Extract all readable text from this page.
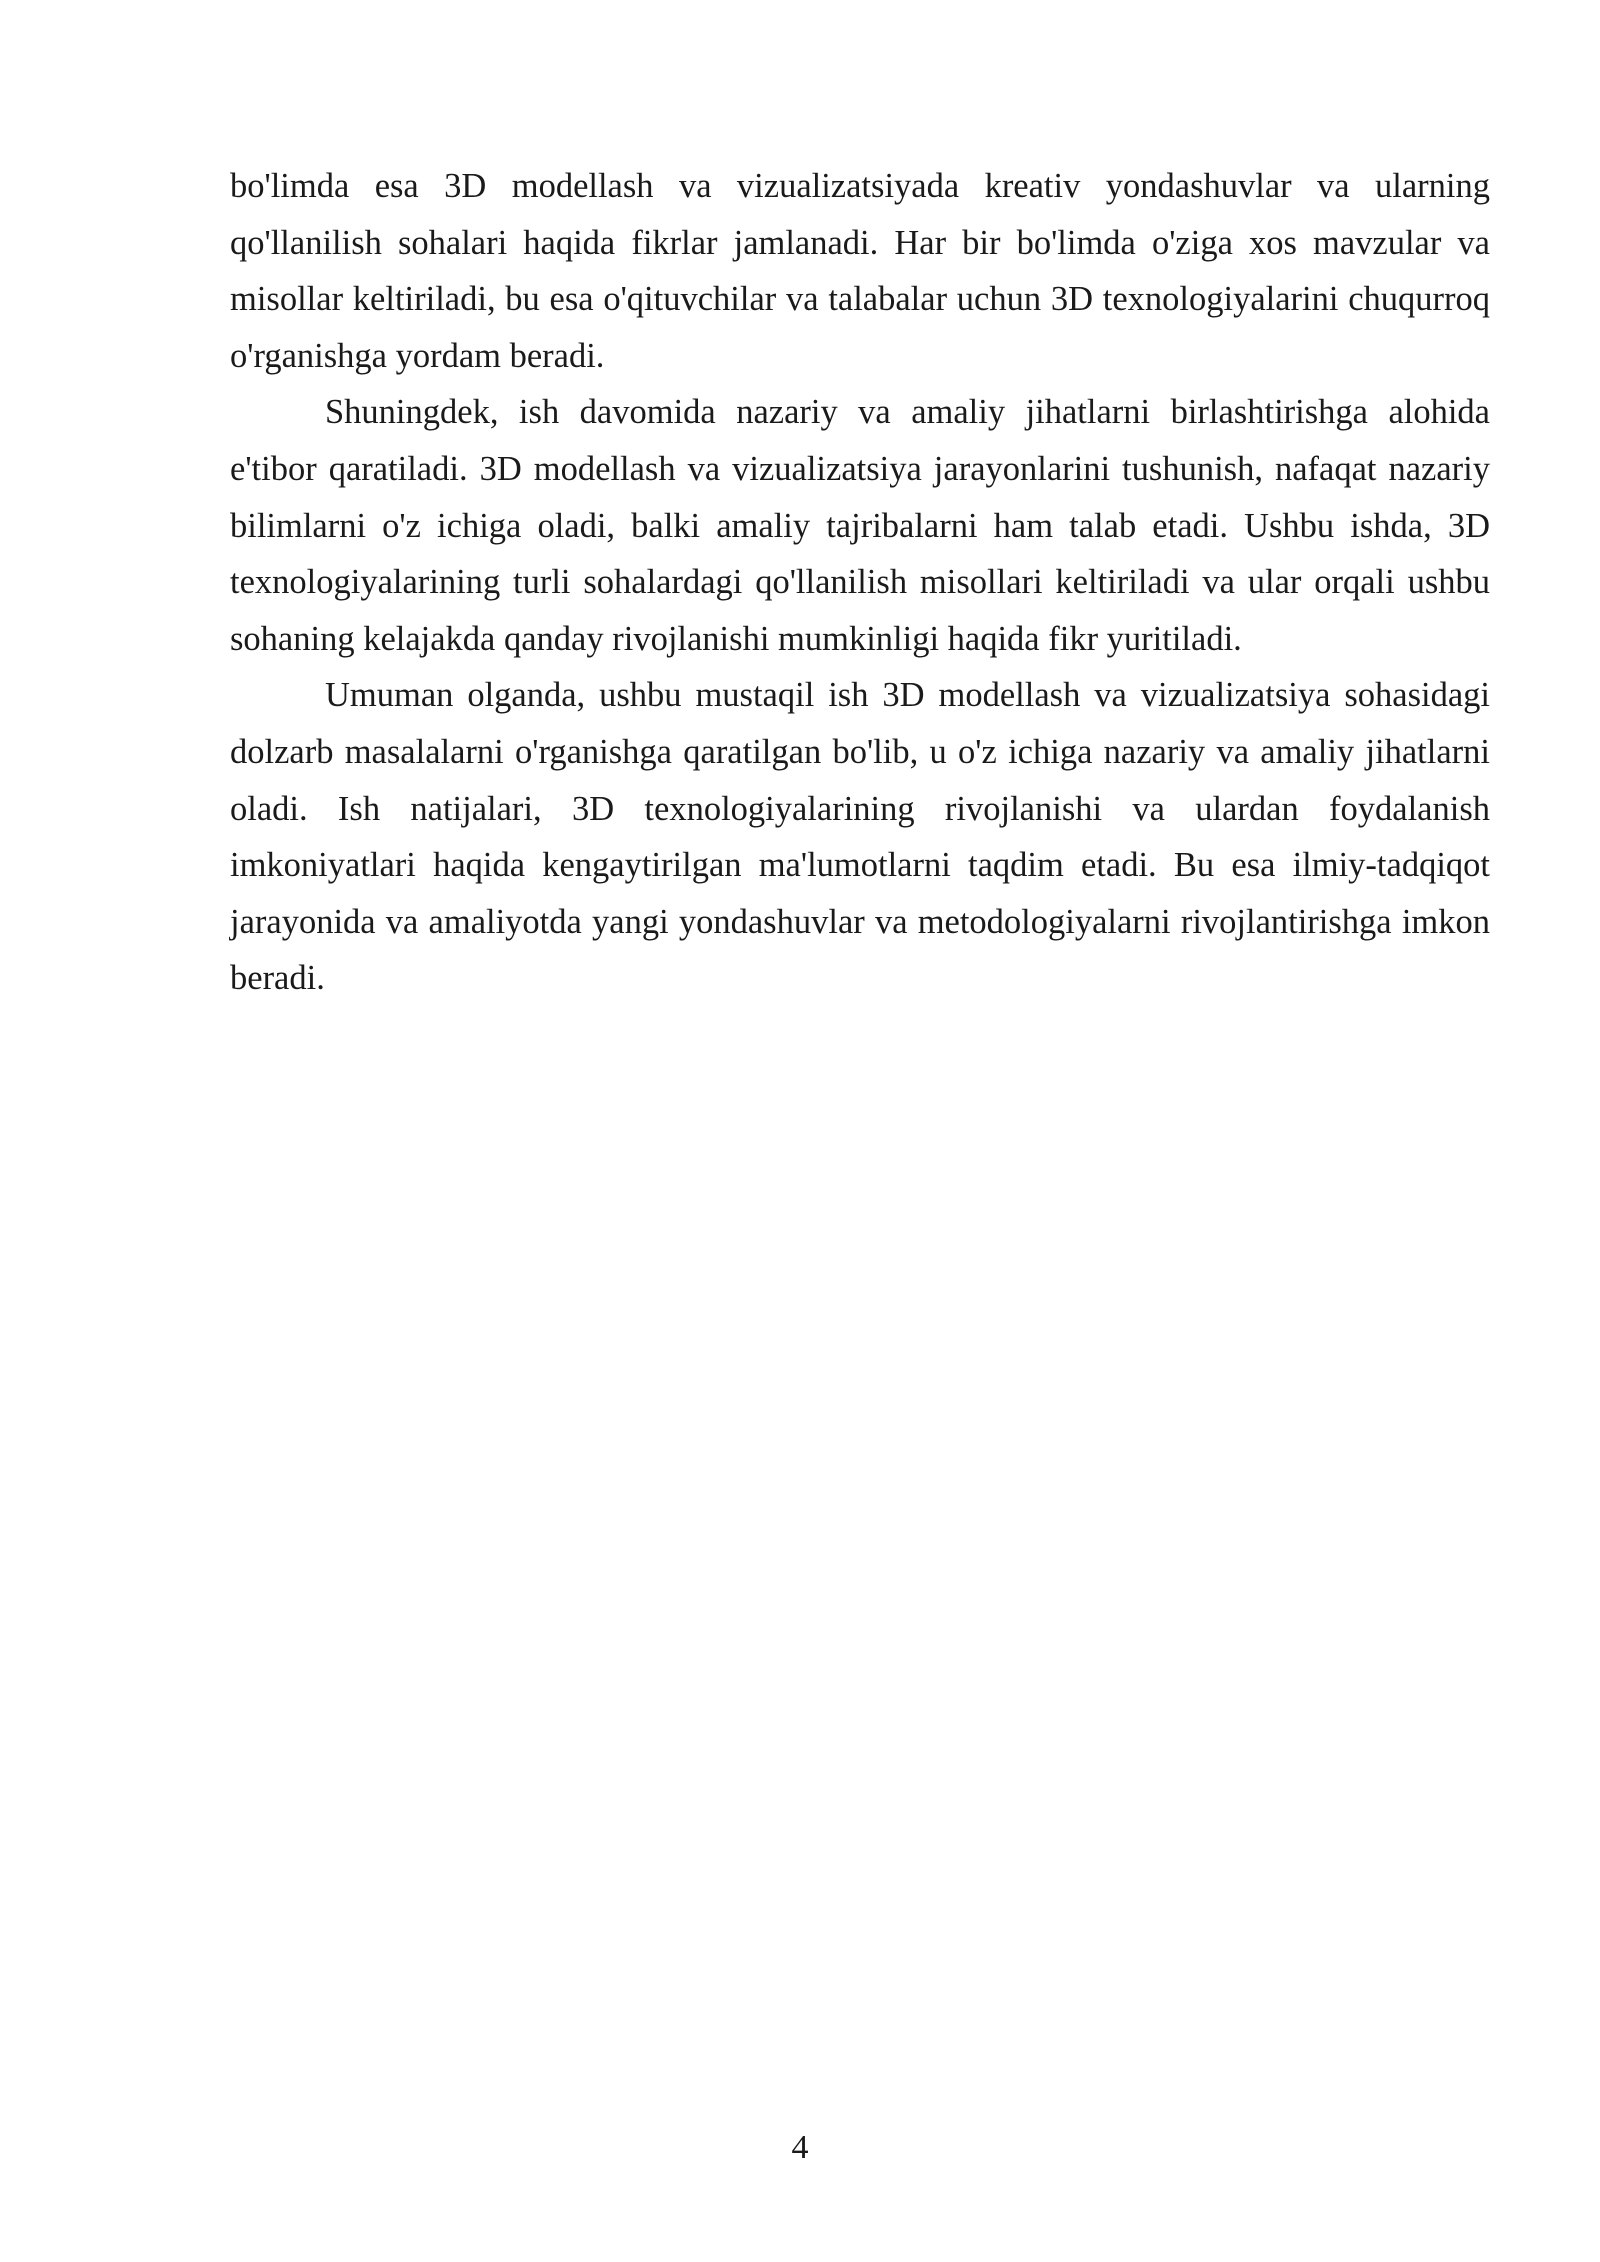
bo'limda esa 3D modellash va vizualizatsiyada kreativ yondashuvlar va ularning qo'llanilish sohalari haqida fikrlar jamlanadi. Har bir bo'limda o'ziga xos mavzular va misollar keltiriladi, bu esa o'qituvchilar va talabalar uchun 3D texnologiyalarini chuqurroq o'rganishga yordam beradi.

Shuningdek, ish davomida nazariy va amaliy jihatlarni birlashtirishga alohida e'tibor qaratiladi. 3D modellash va vizualizatsiya jarayonlarini tushunish, nafaqat nazariy bilimlarni o'z ichiga oladi, balki amaliy tajribalarni ham talab etadi. Ushbu ishda, 3D texnologiyalarining turli sohalardagi qo'llanilish misollari keltiriladi va ular orqali ushbu sohaning kelajakda qanday rivojlanishi mumkinligi haqida fikr yuritiladi.

Umuman olganda, ushbu mustaqil ish 3D modellash va vizualizatsiya sohasidagi dolzarb masalalarni o'rganishga qaratilgan bo'lib, u o'z ichiga nazariy va amaliy jihatlarni oladi. Ish natijalari, 3D texnologiyalarining rivojlanishi va ulardan foydalanish imkoniyatlari haqida kengaytirilgan ma'lumotlarni taqdim etadi. Bu esa ilmiy-tadqiqot jarayonida va amaliyotda yangi yondashuvlar va metodologiyalarni rivojlantirishga imkon beradi.

4
